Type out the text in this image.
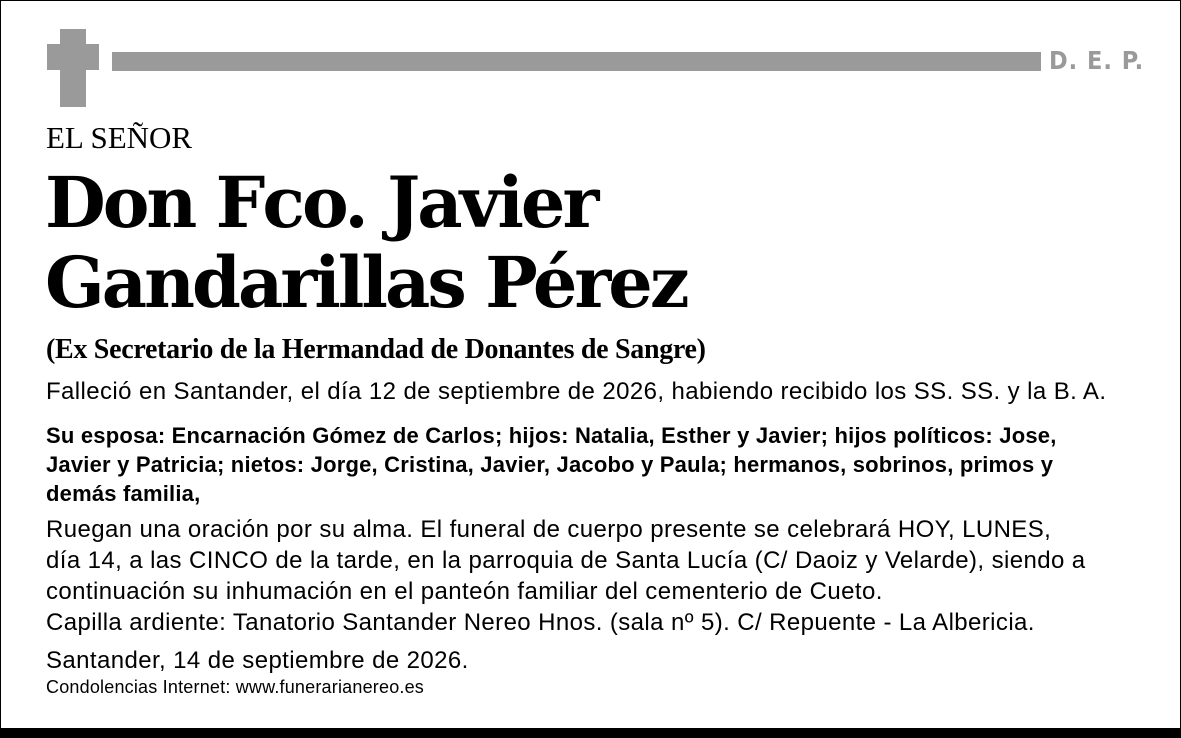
D. E. P.
EL SEÑOR
Don Fco. Javier
Gandarillas Pérez
(Ex Secretario de la Hermandad de Donantes de Sangre)
Falleció en Santander, el día 12 de septiembre de 2026, habiendo recibido los SS. SS. y la B. A.
Su esposa: Encarnación Gómez de Carlos; hijos: Natalia, Esther y Javier; hijos políticos: Jose,
Javier y Patricia; nietos: Jorge, Cristina, Javier, Jacobo y Paula; hermanos, sobrinos, primos y
demás familia,
Ruegan una oración por su alma. El funeral de cuerpo presente se celebrará HOY, LUNES,
día 14, a las CINCO de la tarde, en la parroquia de Santa Lucía (C/ Daoiz y Velarde), siendo a
continuación su inhumación en el panteón familiar del cementerio de Cueto.
Capilla ardiente: Tanatorio Santander Nereo Hnos. (sala nº 5). C/ Repuente - La Albericia.
Santander, 14 de septiembre de 2026.
Condolencias Internet: www.funerarianereo.es
